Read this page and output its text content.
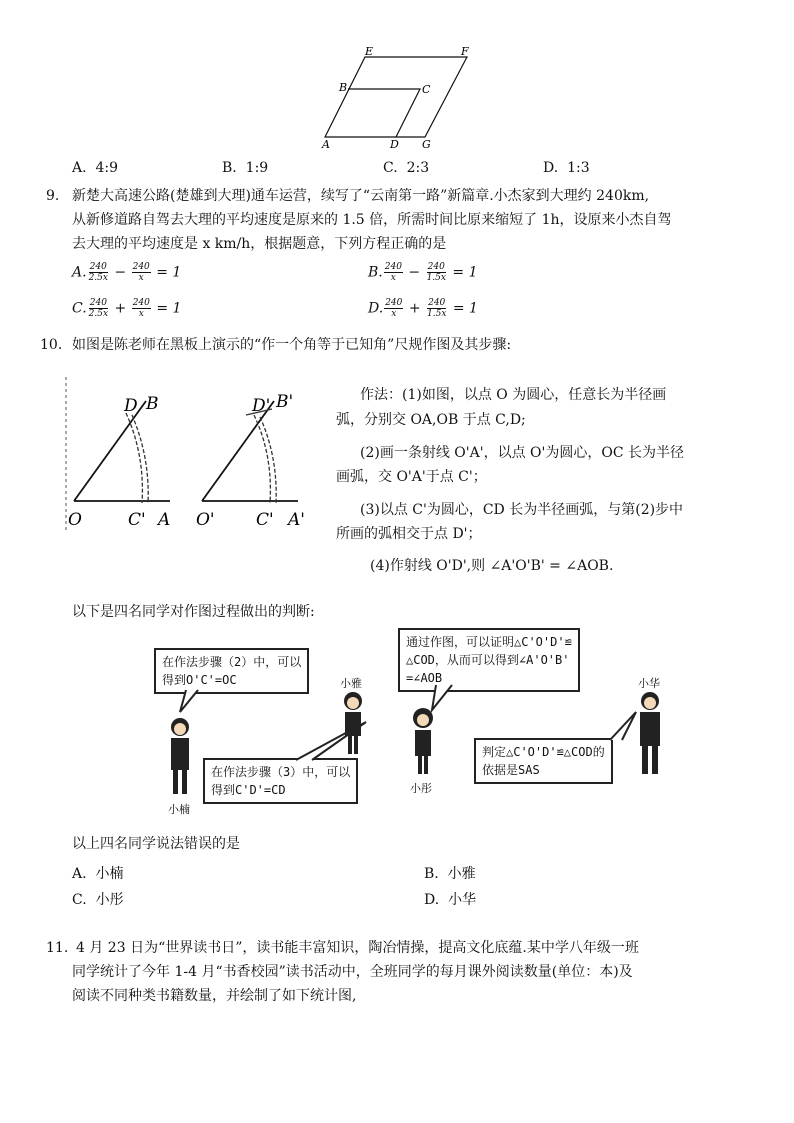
E	F
B	C
A	D G
A. 4:9	B. 1:9	C. 2:3	D. 1:3
9. 新楚大高速公路(楚雄到大理)通车运营，续写了“云南第一路”新篇章.小杰家到大理约 240km,
从新修道路自驾去大理的平均速度是原来的 1.5 倍，所需时间比原来缩短了 1h，设原来小杰自驾
去大理的平均速度是 x km/h，根据题意，下列方程正确的是
A. $\frac{240}{2.5x} - \frac{240}{x} = 1$	B. $\frac{240}{x} - \frac{240}{1.5x} = 1$
C. $\frac{240}{2.5x} + \frac{240}{x} = 1$	D. $\frac{240}{x} + \frac{240}{1.5x} = 1$
10. 如图是陈老师在黑板上演示的“作一个角等于已知角”尺规作图及其步骤:
O	C' A
D B
O' C' A'
D' B'	作法：(1)如图，以点 O 为圆心，任意长为半径画
弧，分别交 OA,OB 于点 C,D;
(2)画一条射线 O'A'，以点 O'为圆心，OC 长为半径
画弧，交 O'A'于点 C'；
(3)以点 C'为圆心，CD 长为半径画弧，与第(2)步中
所画的弧相交于点 D'；
(4)作射线 O'D',则 ∠A'O'B' = ∠AOB.
以下是四名同学对作图过程做出的判断:
在作法步骤（2）中，可以
得到O'C'=OC
在作法步骤（3）中，可以
得到C'D'=CD
通过作图，可以证明△C'O'D'≌
△COD，从而可以得到∠A'O'B'
=∠AOB
判定△C'O'D'≌△COD的
依据是SAS
小楠
小雅
小彤
小华
以上四名同学说法错误的是
A. 小楠	B. 小雅
C. 小彤	D. 小华
11. 4 月 23 日为“世界读书日”，读书能丰富知识，陶冶情操，提高文化底蕴.某中学八年级一班
同学统计了今年 1-4 月“书香校园”读书活动中，全班同学的每月课外阅读数量(单位：本)及
阅读不同种类书籍数量，并绘制了如下统计图,
